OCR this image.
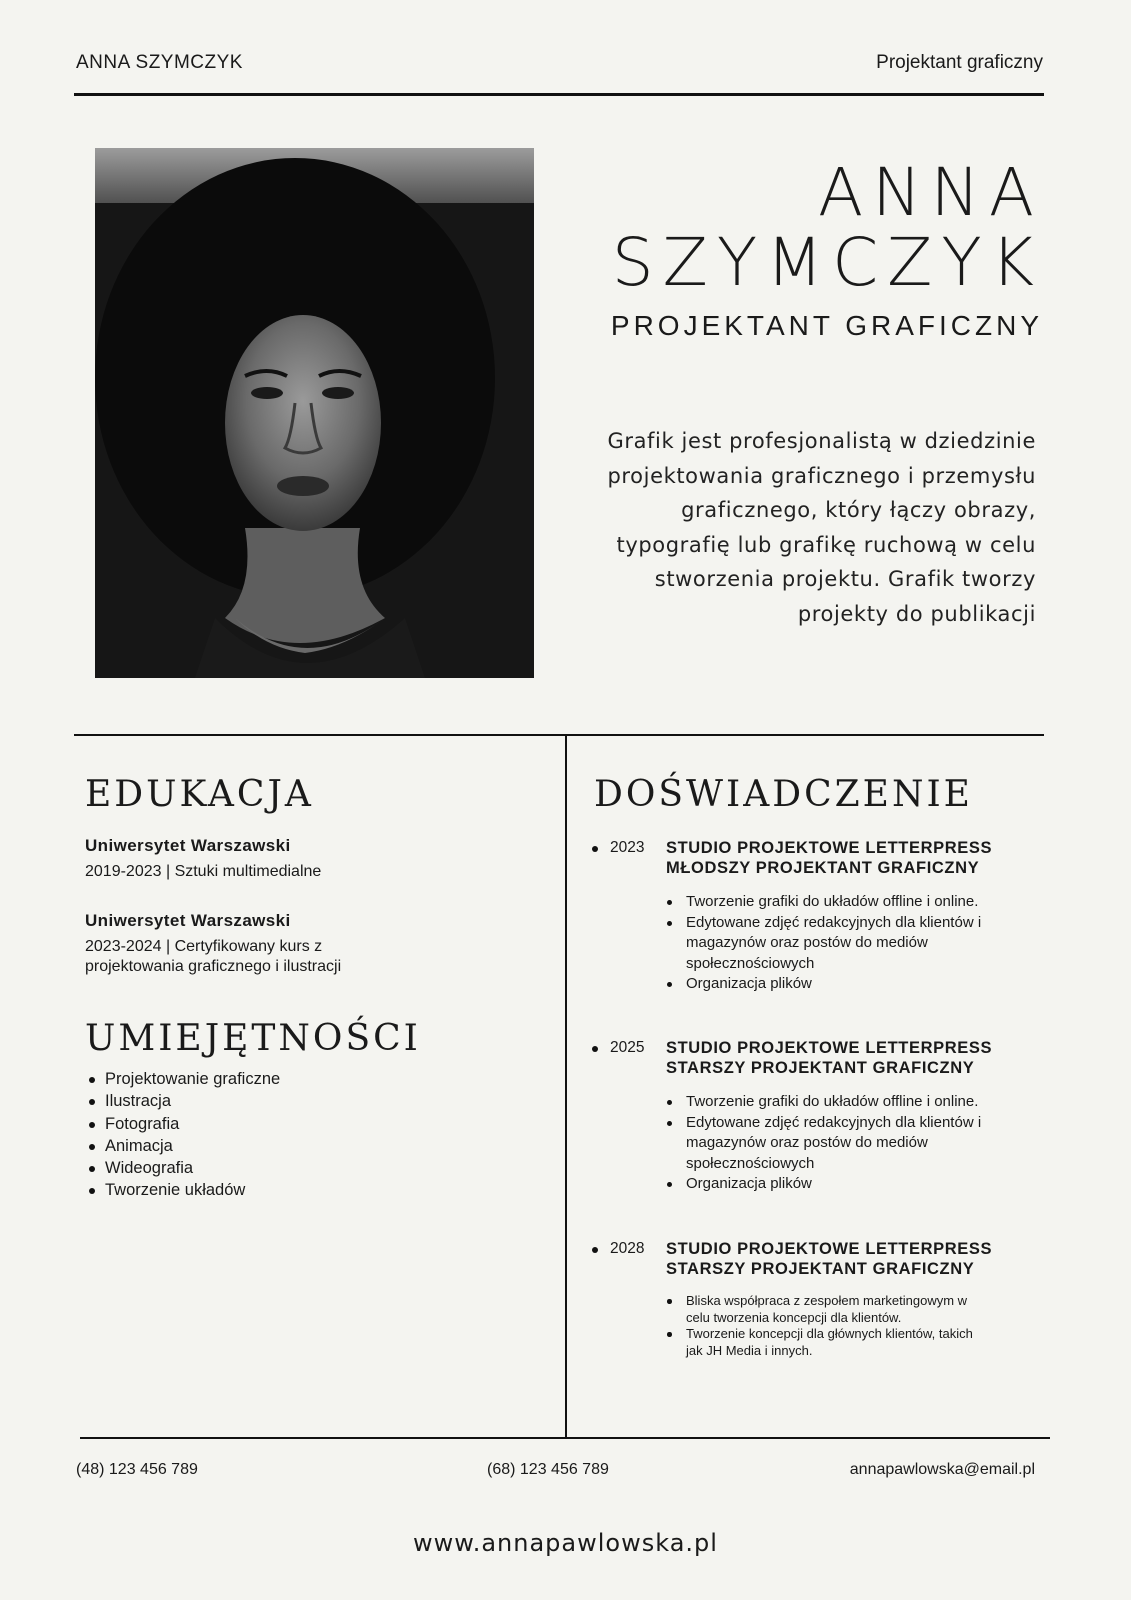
ANNA SZYMCZYK	Projektant graficzny
ANNA
SZYMCZYK
PROJEKTANT GRAFICZNY
Grafik jest profesjonalistą w dziedzinie
projektowania graficznego i przemysłu
graficznego, który łączy obrazy,
typografię lub grafikę ruchową w celu
stworzenia projektu. Grafik tworzy
projekty do publikacji
EDUKACJA
Uniwersytet Warszawski
2019-2023 | Sztuki multimedialne
Uniwersytet Warszawski
2023-2024 | Certyfikowany kurs z
projektowania graficznego i ilustracji
UMIEJĘTNOŚCI
Projektowanie graficzne
Ilustracja
Fotografia
Animacja
Wideografia
Tworzenie układów
DOŚWIADCZENIE
2023 STUDIO PROJEKTOWE LETTERPRESS
MŁODSZY PROJEKTANT GRAFICZNY
Tworzenie grafiki do układów offline i online.
Edytowane zdjęć redakcyjnych dla klientów i
magazynów oraz postów do mediów
społecznościowych
Organizacja plików
2025 STUDIO PROJEKTOWE LETTERPRESS
STARSZY PROJEKTANT GRAFICZNY
Tworzenie grafiki do układów offline i online.
Edytowane zdjęć redakcyjnych dla klientów i
magazynów oraz postów do mediów
społecznościowych
Organizacja plików
2028 STUDIO PROJEKTOWE LETTERPRESS
STARSZY PROJEKTANT GRAFICZNY
Bliska współpraca z zespołem marketingowym w
celu tworzenia koncepcji dla klientów.
Tworzenie koncepcji dla głównych klientów, takich
jak JH Media i innych.
(48) 123 456 789	(68) 123 456 789	annapawlowska@email.pl
www.annapawlowska.pl
